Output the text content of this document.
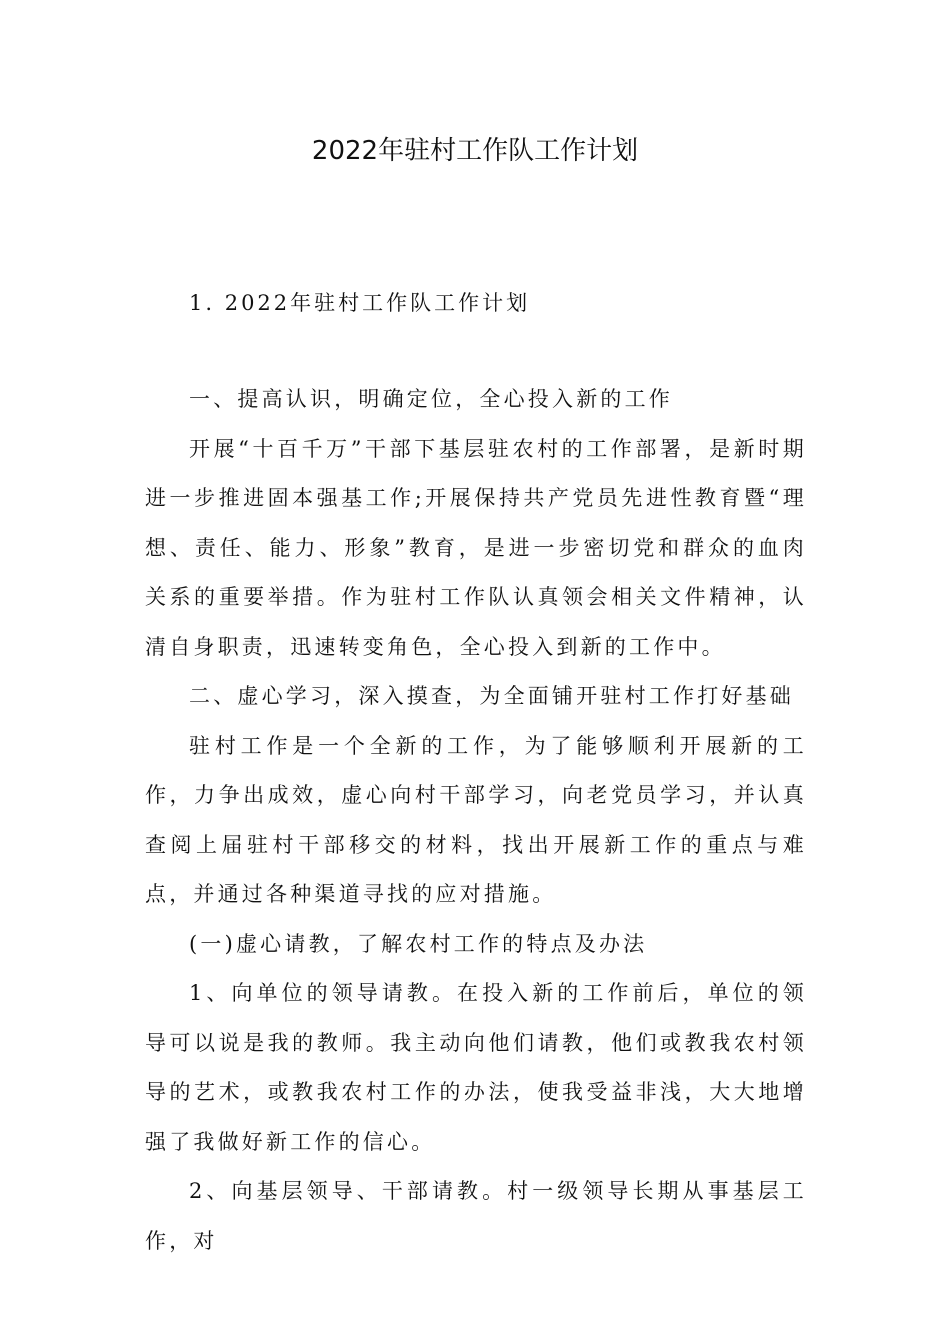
2022年驻村工作队工作计划
1. 2022年驻村工作队工作计划

一、提高认识，明确定位，全心投入新的工作

开展“十百千万”干部下基层驻农村的工作部署，是新时期进一步推进固本强基工作;开展保持共产党员先进性教育暨“理想、责任、能力、形象”教育，是进一步密切党和群众的血肉关系的重要举措。作为驻村工作队认真领会相关文件精神，认清自身职责，迅速转变角色，全心投入到新的工作中。

二、虚心学习，深入摸查，为全面铺开驻村工作打好基础

驻村工作是一个全新的工作，为了能够顺利开展新的工作，力争出成效，虚心向村干部学习，向老党员学习，并认真查阅上届驻村干部移交的材料，找出开展新工作的重点与难点，并通过各种渠道寻找的应对措施。

(一)虚心请教，了解农村工作的特点及办法

1、向单位的领导请教。在投入新的工作前后，单位的领导可以说是我的教师。我主动向他们请教，他们或教我农村领导的艺术，或教我农村工作的办法，使我受益非浅，大大地增强了我做好新工作的信心。

2、向基层领导、干部请教。村一级领导长期从事基层工作，对
